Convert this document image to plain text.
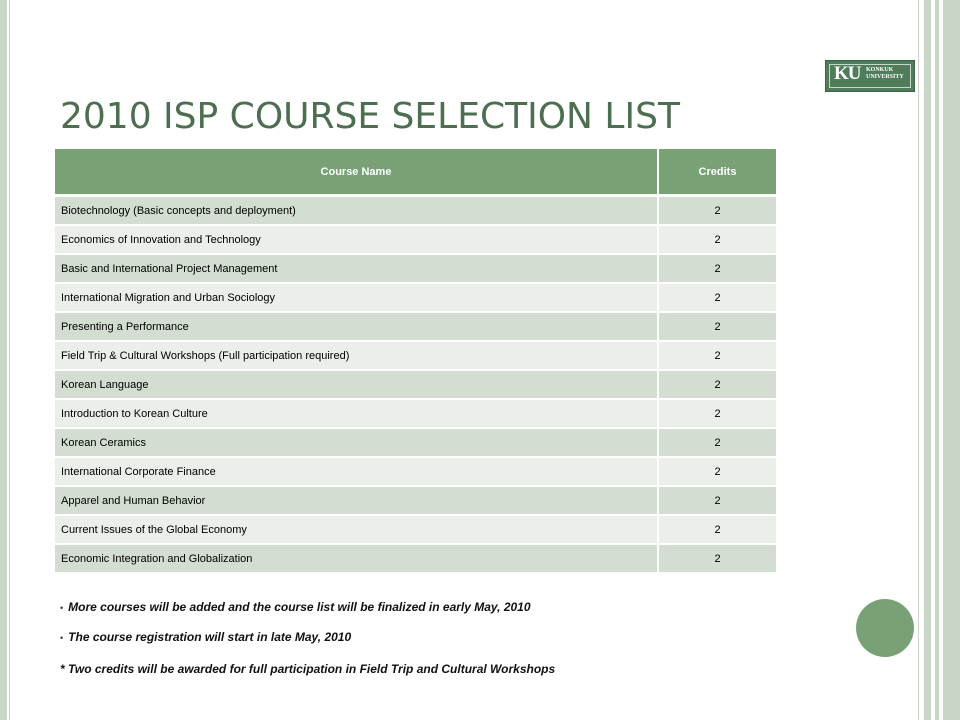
KU KONKUK
UNIVERSITY
2010 ISP COURSE SELECTION LIST
Course Name	Credits
Biotechnology (Basic concepts and deployment)	2
Economics of Innovation and Technology	2
Basic and International Project Management	2
International Migration and Urban Sociology	2
Presenting a Performance	2
Field Trip & Cultural Workshops (Full participation required)	2
Korean Language	2
Introduction to Korean Culture	2
Korean Ceramics	2
International Corporate Finance	2
Apparel and Human Behavior	2
Current Issues of the Global Economy	2
Economic Integration and Globalization	2
• More courses will be added and the course list will be finalized in early May, 2010
• The course registration will start in late May, 2010
* Two credits will be awarded for full participation in Field Trip and Cultural Workshops
